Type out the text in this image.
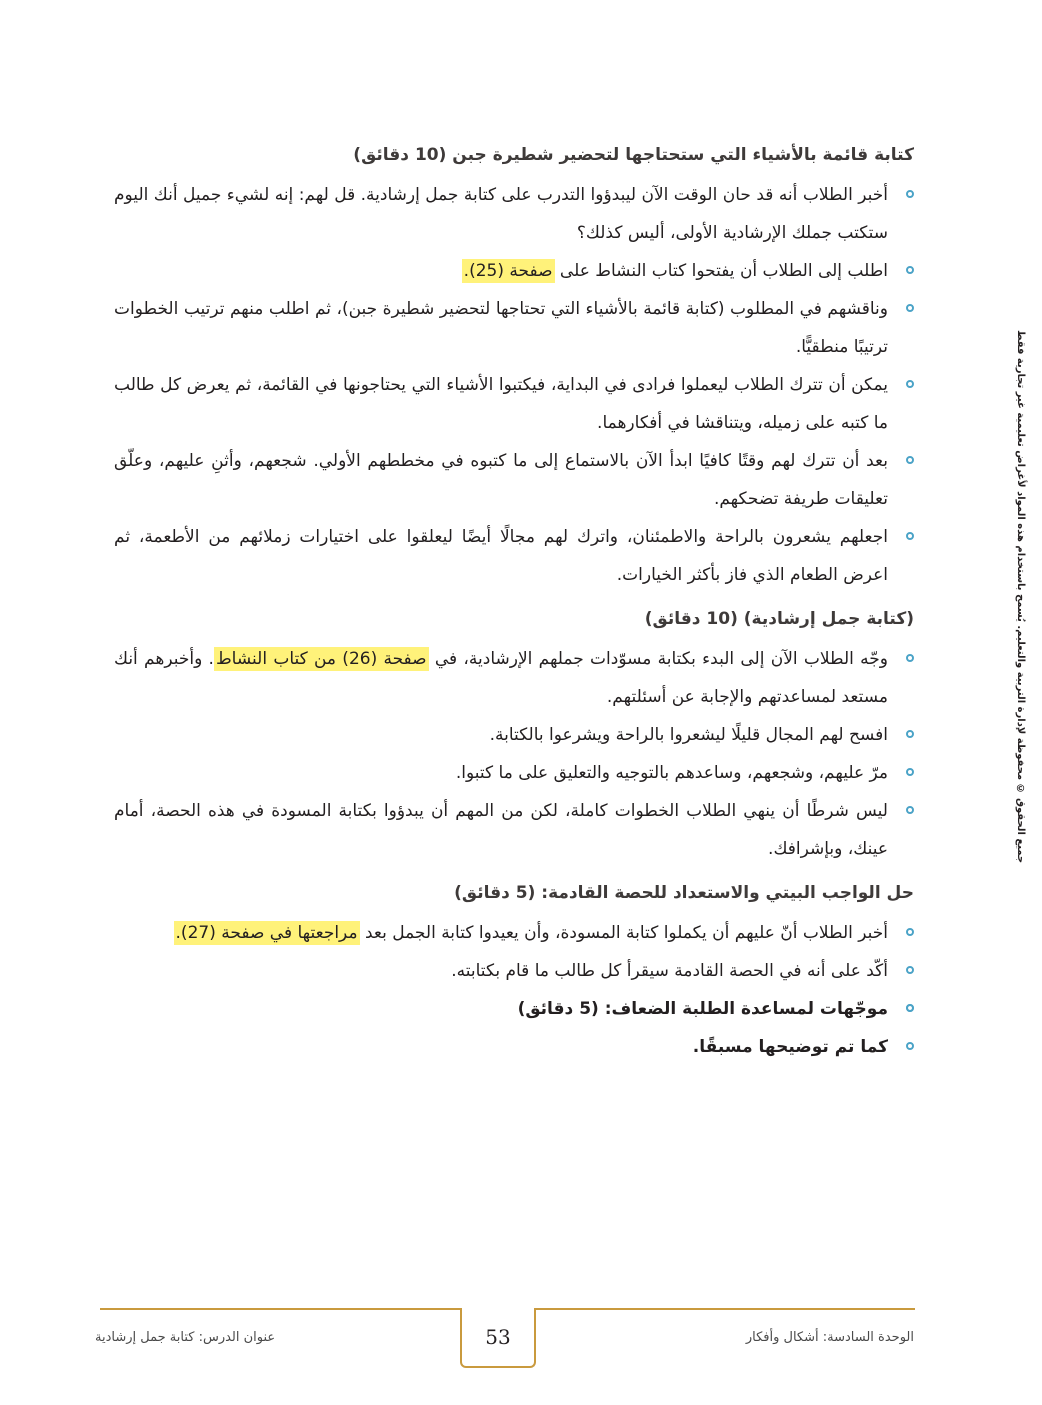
كتابة قائمة بالأشياء التي ستحتاجها لتحضير شطيرة جبن (10 دقائق)
أخبر الطلاب أنه قد حان الوقت الآن ليبدؤوا التدرب على كتابة جمل إرشادية. قل لهم: إنه لشيء جميل أنك اليوم ستكتب جملك الإرشادية الأولى، أليس كذلك؟
اطلب إلى الطلاب أن يفتحوا كتاب النشاط على صفحة (25).
وناقشهم في المطلوب (كتابة قائمة بالأشياء التي تحتاجها لتحضير شطيرة جبن)، ثم اطلب منهم ترتيب الخطوات ترتيبًا منطقيًّا.
يمكن أن تترك الطلاب ليعملوا فرادى في البداية، فيكتبوا الأشياء التي يحتاجونها في القائمة، ثم يعرض كل طالب ما كتبه على زميله، ويتناقشا في أفكارهما.
بعد أن تترك لهم وقتًا كافيًا ابدأ الآن بالاستماع إلى ما كتبوه في مخططهم الأولي. شجعهم، وأثنِ عليهم، وعلّق تعليقات طريفة تضحكهم.
اجعلهم يشعرون بالراحة والاطمئنان، واترك لهم مجالًا أيضًا ليعلقوا على اختيارات زملائهم من الأطعمة، ثم اعرض الطعام الذي فاز بأكثر الخيارات.
(كتابة جمل إرشادية) (10 دقائق)
وجّه الطلاب الآن إلى البدء بكتابة مسوّدات جملهم الإرشادية، في صفحة (26) من كتاب النشاط. وأخبرهم أنك مستعد لمساعدتهم والإجابة عن أسئلتهم.
افسح لهم المجال قليلًا ليشعروا بالراحة ويشرعوا بالكتابة.
مرّ عليهم، وشجعهم، وساعدهم بالتوجيه والتعليق على ما كتبوا.
ليس شرطًا أن ينهي الطلاب الخطوات كاملة، لكن من المهم أن يبدؤوا بكتابة المسودة في هذه الحصة، أمام عينك، وبإشرافك.
حل الواجب البيتي والاستعداد للحصة القادمة: (5 دقائق)
أخبر الطلاب أنّ عليهم أن يكملوا كتابة المسودة، وأن يعيدوا كتابة الجمل بعد مراجعتها في صفحة (27).
أكّد على أنه في الحصة القادمة سيقرأ كل طالب ما قام بكتابته.
موجّهات لمساعدة الطلبة الضعاف: (5 دقائق)
كما تم توضيحها مسبقًا.
جميع الحقوق © محفوظة لإدارة التربية والتعليم. يُسمح باستخدام هذه المواد لأغراض تعليمية غير تجارية فقط
53	الوحدة السادسة: أشكال وأفكار
عنوان الدرس: كتابة جمل إرشادية
